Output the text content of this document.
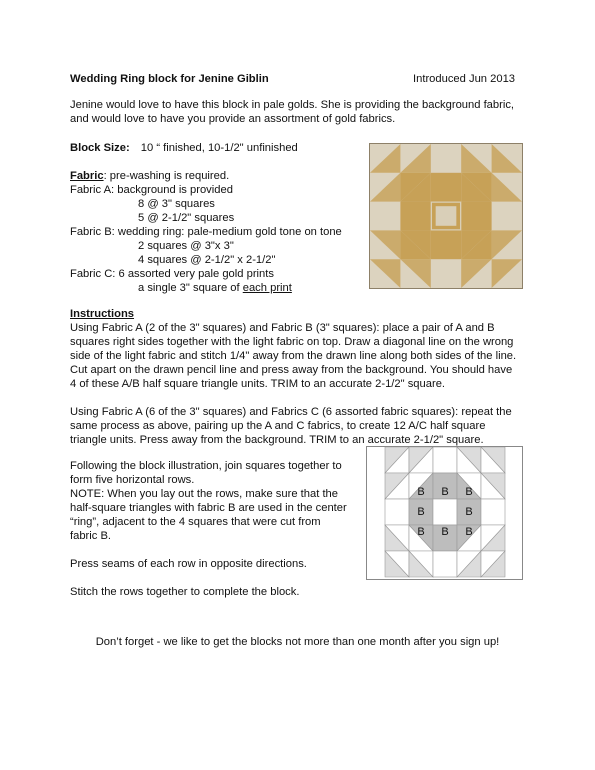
Wedding Ring block for Jenine Giblin	Introduced Jun 2013

Jenine would love to have this block in pale golds. She is providing the background fabric,

and would love to have you provide an assortment of gold fabrics.

Block Size: 10 “ finished, 10-1/2" unfinished

Fabric: pre-washing is required.

Fabric A: background is provided

8 @ 3" squares

5 @ 2-1/2" squares

Fabric B: wedding ring: pale-medium gold tone on tone

2 squares @ 3"x 3"

4 squares @ 2-1/2" x 2-1/2"

Fabric C: 6 assorted very pale gold prints

a single 3" square of each print

Instructions

Using Fabric A (2 of the 3" squares) and Fabric B (3" squares): place a pair of A and B

squares right sides together with the light fabric on top. Draw a diagonal line on the wrong

side of the light fabric and stitch 1/4" away from the drawn line along both sides of the line.

Cut apart on the drawn pencil line and press away from the background. You should have

4 of these A/B half square triangle units. TRIM to an accurate 2-1/2" square.

Using Fabric A (6 of the 3" squares) and Fabrics C (6 assorted fabric squares): repeat the

same process as above, pairing up the A and C fabrics, to create 12 A/C half square

triangle units. Press away from the background. TRIM to an accurate 2-1/2" square.

Following the block illustration, join squares together to

form five horizontal rows.

NOTE: When you lay out the rows, make sure that the

half-square triangles with fabric B are used in the center

“ring”, adjacent to the 4 squares that were cut from

fabric B.

Press seams of each row in opposite directions.

Stitch the rows together to complete the block.

B B B
B	B
B B B
Don’t forget - we like to get the blocks not more than one month after you sign up!
